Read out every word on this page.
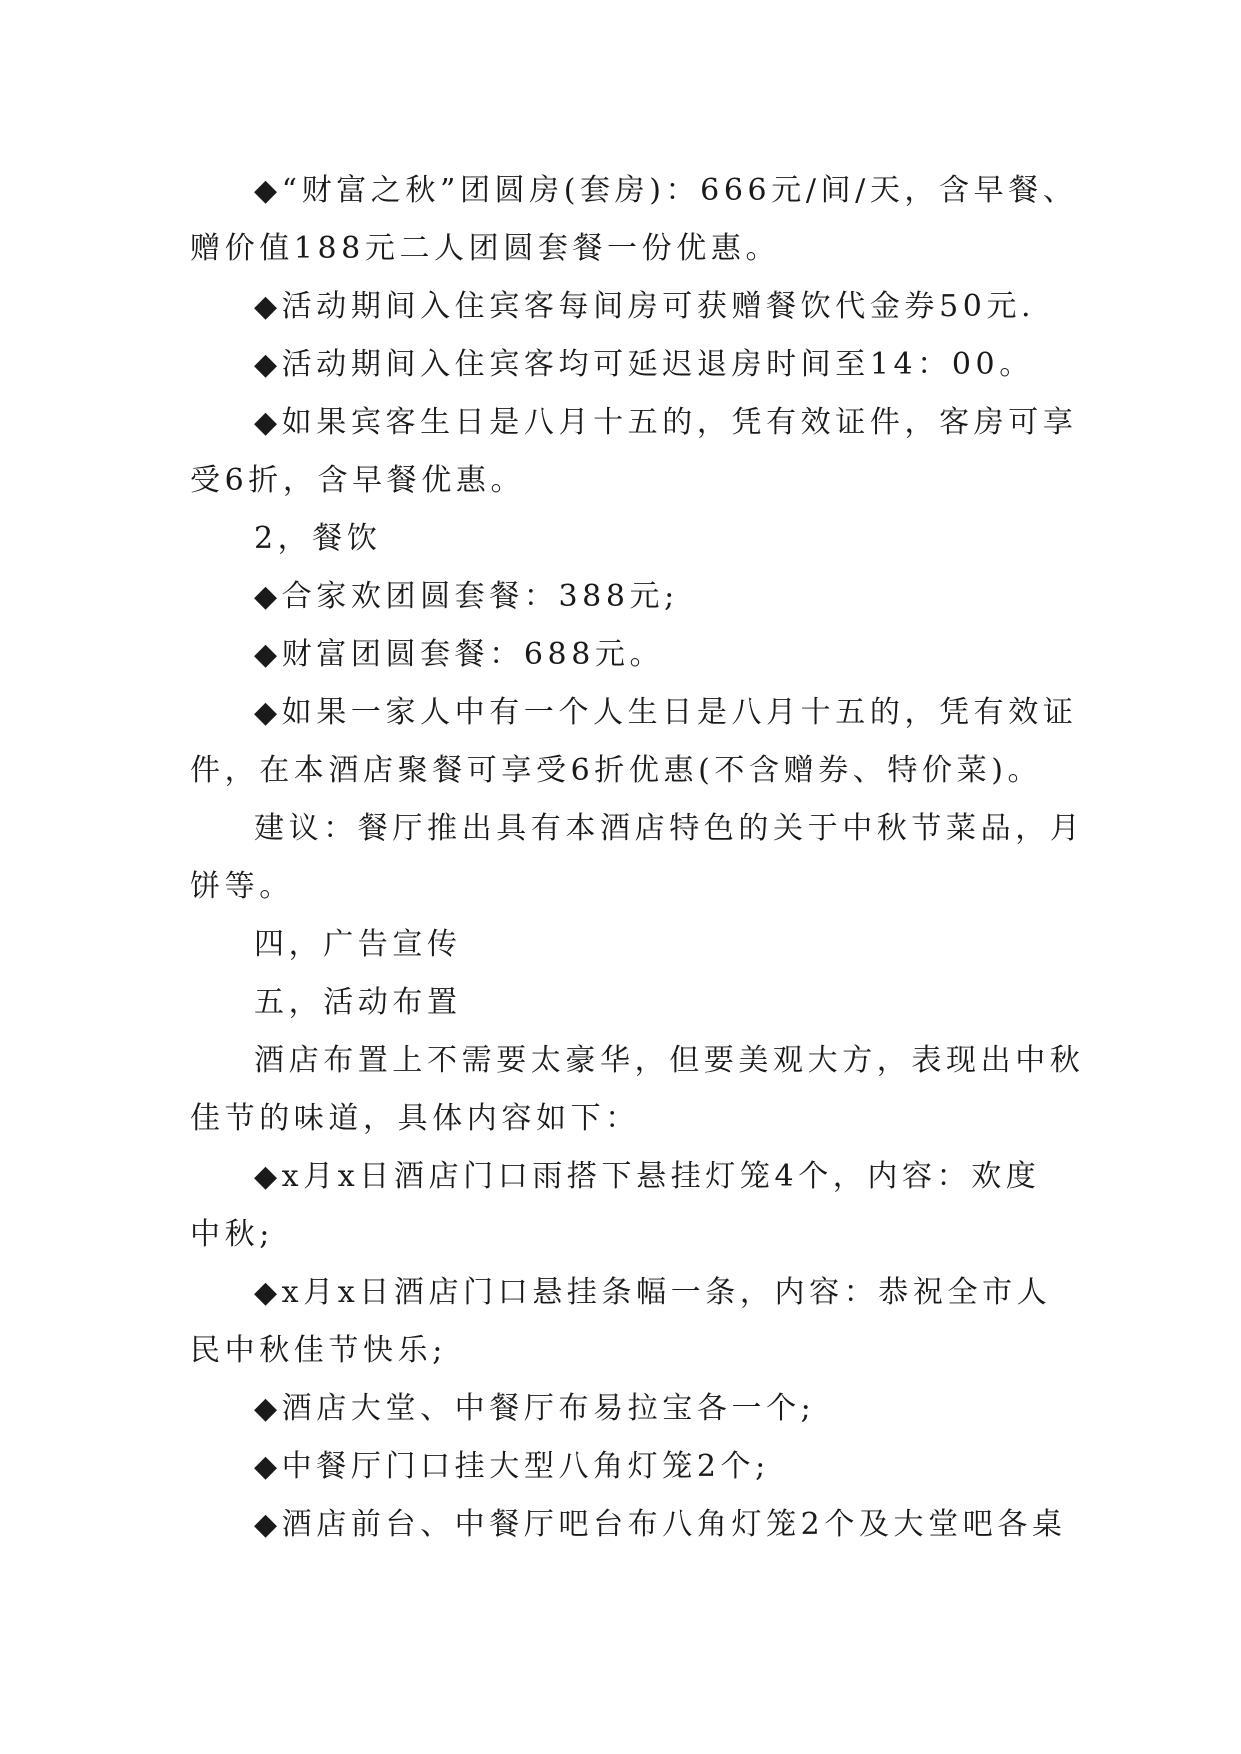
◆“财富之秋”团圆房(套房)：666元/间/天，含早餐、
赠价值188元二人团圆套餐一份优惠。
◆活动期间入住宾客每间房可获赠餐饮代金券50元.
◆活动期间入住宾客均可延迟退房时间至14：00。
◆如果宾客生日是八月十五的，凭有效证件，客房可享
受6折，含早餐优惠。
2，餐饮
◆合家欢团圆套餐：388元;
◆财富团圆套餐：688元。
◆如果一家人中有一个人生日是八月十五的，凭有效证
件，在本酒店聚餐可享受6折优惠(不含赠券、特价菜)。
建议：餐厅推出具有本酒店特色的关于中秋节菜品，月
饼等。
四，广告宣传
五，活动布置
酒店布置上不需要太豪华，但要美观大方，表现出中秋
佳节的味道，具体内容如下：
◆x月x日酒店门口雨搭下悬挂灯笼4个，内容：欢度
中秋;
◆x月x日酒店门口悬挂条幅一条，内容：恭祝全市人
民中秋佳节快乐;
◆酒店大堂、中餐厅布易拉宝各一个;
◆中餐厅门口挂大型八角灯笼2个;
◆酒店前台、中餐厅吧台布八角灯笼2个及大堂吧各桌
